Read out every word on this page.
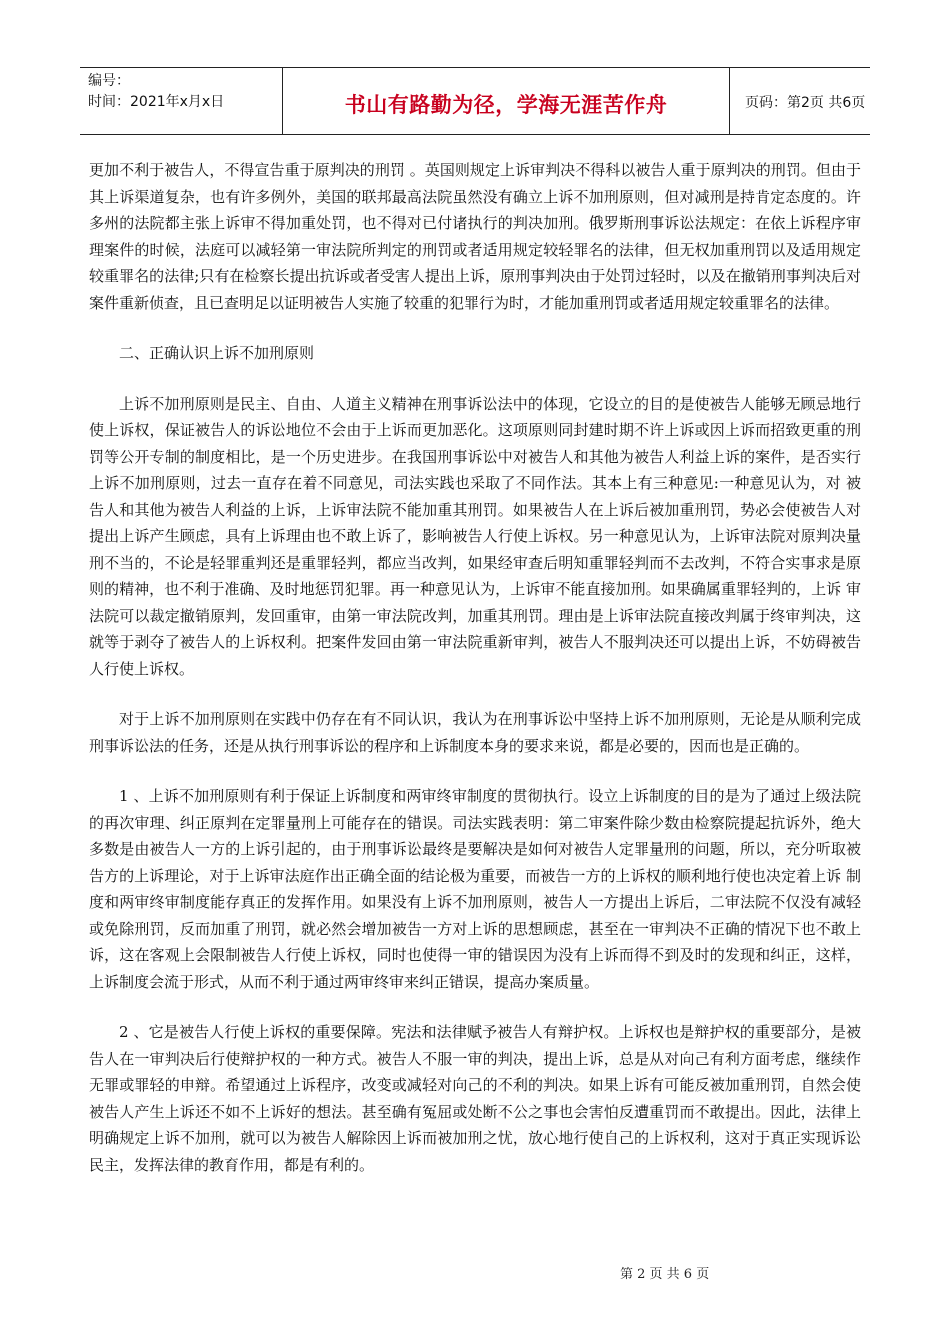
编号：
时间：2021年x月x日	书山有路勤为径，学海无涯苦作舟	页码：第2页 共6页

更加不利于被告人，不得宣告重于原判决的刑罚 。英国则规定上诉审判决不得科以被告人重于原判决的刑罚。但由于其上诉渠道复杂，也有许多例外，美国的联邦最高法院虽然没有确立上诉不加刑原则，但对减刑是持肯定态度的。许多州的法院都主张上诉审不得加重处罚，也不得对已付诸执行的判决加刑。俄罗斯刑事诉讼法规定：在依上诉程序审理案件的时候，法庭可以减轻第一审法院所判定的刑罚或者适用规定较轻罪名的法律，但无权加重刑罚以及适用规定较重罪名的法律;只有在检察长提出抗诉或者受害人提出上诉，原刑事判决由于处罚过轻时，以及在撤销刑事判决后对案件重新侦查，且已查明足以证明被告人实施了较重的犯罪行为时，才能加重刑罚或者适用规定较重罪名的法律。

二、正确认识上诉不加刑原则

上诉不加刑原则是民主、自由、人道主义精神在刑事诉讼法中的体现，它设立的目的是使被告人能够无顾忌地行使上诉权，保证被告人的诉讼地位不会由于上诉而更加恶化。这项原则同封建时期不许上诉或因上诉而招致更重的刑罚等公开专制的制度相比，是一个历史进步。在我国刑事诉讼中对被告人和其他为被告人利益上诉的案件，是否实行上诉不加刑原则，过去一直存在着不同意见，司法实践也采取了不同作法。其本上有三种意见:一种意见认为，对 被告人和其他为被告人利益的上诉，上诉审法院不能加重其刑罚。如果被告人在上诉后被加重刑罚，势必会使被告人对提出上诉产生顾虑，具有上诉理由也不敢上诉了，影响被告人行使上诉权。另一种意见认为，上诉审法院对原判决量刑不当的，不论是轻罪重判还是重罪轻判，都应当改判，如果经审查后明知重罪轻判而不去改判，不符合实事求是原则的精神，也不利于准确、及时地惩罚犯罪。再一种意见认为，上诉审不能直接加刑。如果确属重罪轻判的，上诉 审法院可以裁定撤销原判，发回重审，由第一审法院改判，加重其刑罚。理由是上诉审法院直接改判属于终审判决，这就等于剥夺了被告人的上诉权利。把案件发回由第一审法院重新审判，被告人不服判决还可以提出上诉，不妨碍被告人行使上诉权。

对于上诉不加刑原则在实践中仍存在有不同认识，我认为在刑事诉讼中坚持上诉不加刑原则，无论是从顺利完成刑事诉讼法的任务，还是从执行刑事诉讼的程序和上诉制度本身的要求来说，都是必要的，因而也是正确的。

1 、上诉不加刑原则有利于保证上诉制度和两审终审制度的贯彻执行。设立上诉制度的目的是为了通过上级法院的再次审理、纠正原判在定罪量刑上可能存在的错误。司法实践表明：第二审案件除少数由检察院提起抗诉外，绝大多数是由被告人一方的上诉引起的，由于刑事诉讼最终是要解决是如何对被告人定罪量刑的问题，所以，充分听取被告方的上诉理论，对于上诉审法庭作出正确全面的结论极为重要，而被告一方的上诉权的顺利地行使也决定着上诉 制度和两审终审制度能存真正的发挥作用。如果没有上诉不加刑原则，被告人一方提出上诉后，二审法院不仅没有减轻或免除刑罚，反而加重了刑罚，就必然会增加被告一方对上诉的思想顾虑，甚至在一审判决不正确的情况下也不敢上诉，这在客观上会限制被告人行使上诉权，同时也使得一审的错误因为没有上诉而得不到及时的发现和纠正，这样，上诉制度会流于形式，从而不利于通过两审终审来纠正错误，提高办案质量。

2 、它是被告人行使上诉权的重要保障。宪法和法律赋予被告人有辩护权。上诉权也是辩护权的重要部分，是被告人在一审判决后行使辩护权的一种方式。被告人不服一审的判决，提出上诉，总是从对向己有利方面考虑，继续作无罪或罪轻的申辩。希望通过上诉程序，改变或减轻对向己的不利的判决。如果上诉有可能反被加重刑罚，自然会使被告人产生上诉还不如不上诉好的想法。甚至确有冤屈或处断不公之事也会害怕反遭重罚而不敢提出。因此，法律上明确规定上诉不加刑，就可以为被告人解除因上诉而被加刑之忧，放心地行使自己的上诉权利，这对于真正实现诉讼民主，发挥法律的教育作用，都是有利的。

第 2 页 共 6 页
